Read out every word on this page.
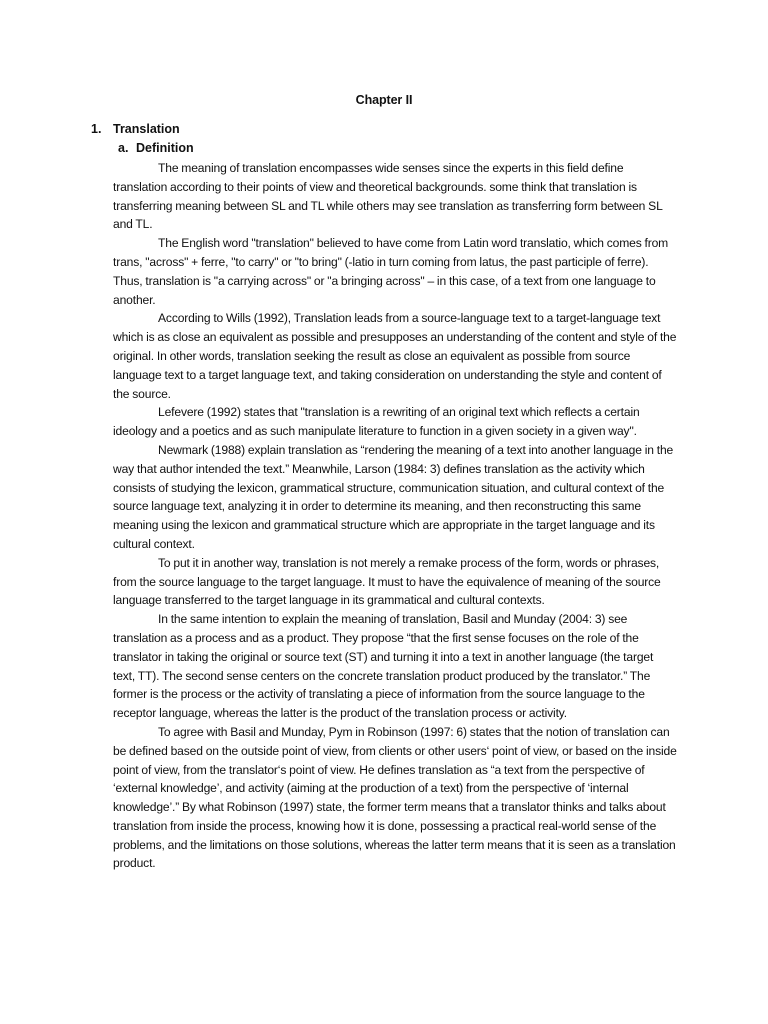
Chapter II
1. Translation
a. Definition

The meaning of translation encompasses wide senses since the experts in this field define translation according to their points of view and theoretical backgrounds. some think that translation is transferring meaning between SL and TL while others may see translation as transferring form between SL and TL.

The English word "translation" believed to have come from Latin word translatio, which comes from trans, "across" + ferre, "to carry" or "to bring" (-latio in turn coming from latus, the past participle of ferre). Thus, translation is "a carrying across" or "a bringing across" – in this case, of a text from one language to another.

According to Wills (1992), Translation leads from a source-language text to a target-language text which is as close an equivalent as possible and presupposes an understanding of the content and style of the original. In other words, translation seeking the result as close an equivalent as possible from source language text to a target language text, and taking consideration on understanding the style and content of the source.

Lefevere (1992) states that "translation is a rewriting of an original text which reflects a certain ideology and a poetics and as such manipulate literature to function in a given society in a given way".

Newmark (1988) explain translation as “rendering the meaning of a text into another language in the way that author intended the text.” Meanwhile, Larson (1984: 3) defines translation as the activity which consists of studying the lexicon, grammatical structure, communication situation, and cultural context of the source language text, analyzing it in order to determine its meaning, and then reconstructing this same meaning using the lexicon and grammatical structure which are appropriate in the target language and its cultural context.

To put it in another way, translation is not merely a remake process of the form, words or phrases, from the source language to the target language. It must to have the equivalence of meaning of the source language transferred to the target language in its grammatical and cultural contexts.

In the same intention to explain the meaning of translation, Basil and Munday (2004: 3) see translation as a process and as a product. They propose “that the first sense focuses on the role of the translator in taking the original or source text (ST) and turning it into a text in another language (the target text, TT). The second sense centers on the concrete translation product produced by the translator.” The former is the process or the activity of translating a piece of information from the source language to the receptor language, whereas the latter is the product of the translation process or activity.

To agree with Basil and Munday, Pym in Robinson (1997: 6) states that the notion of translation can be defined based on the outside point of view, from clients or other users‘ point of view, or based on the inside point of view, from the translator‘s point of view. He defines translation as “a text from the perspective of ‘external knowledge’, and activity (aiming at the production of a text) from the perspective of ‘internal knowledge’.” By what Robinson (1997) state, the former term means that a translator thinks and talks about translation from inside the process, knowing how it is done, possessing a practical real-world sense of the problems, and the limitations on those solutions, whereas the latter term means that it is seen as a translation product.
